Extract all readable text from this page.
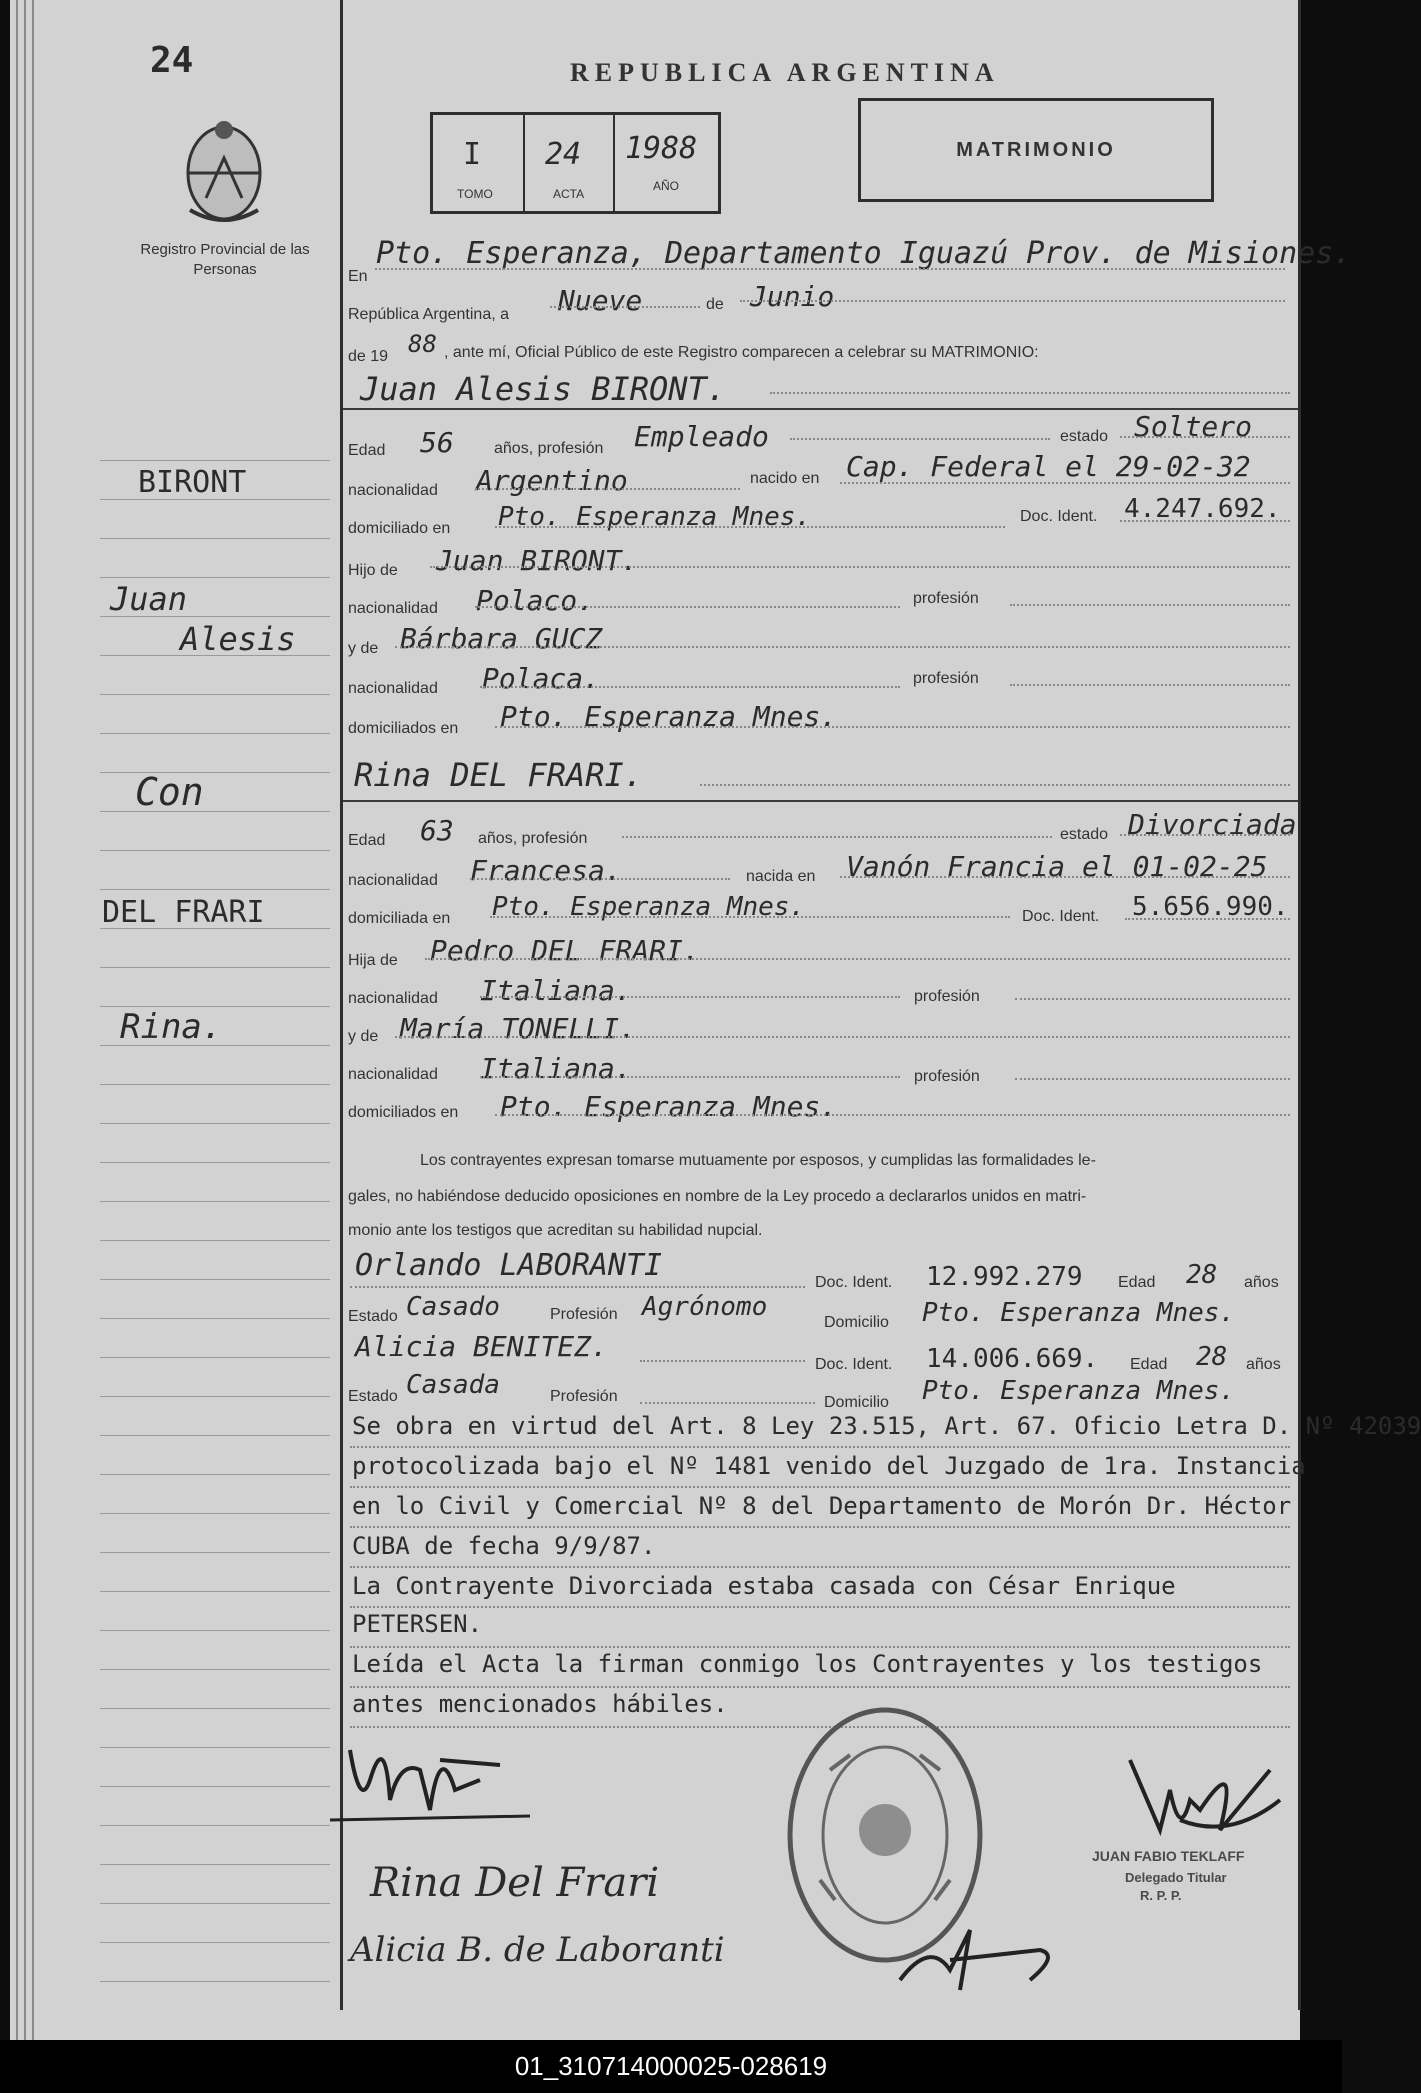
24
Registro Provincial de las Personas
BIRONT
Juan
Alesis
Con
DEL FRARI
Rina.
REPUBLICA ARGENTINA
I
TOMO
24
ACTA
1988
AÑO
MATRIMONIO
En
Pto. Esperanza, Departamento Iguazú Prov. de Misiones.
República Argentina, a Nueve	de Junio
de 19 88 , ante mí, Oficial Público de este Registro comparecen a celebrar su MATRIMONIO:
Juan Alesis BIRONT.
Edad 56	años, profesión Empleado	estado Soltero
nacionalidad Argentino	nacido en Cap. Federal el 29-02-32
domiciliado en Pto. Esperanza Mnes.	Doc. Ident. 4.247.692.
Hijo de Juan BIRONT.
nacionalidad Polaco.	profesión
y de Bárbara GUCZ
nacionalidad Polaca.	profesión
domiciliados en Pto. Esperanza Mnes.
Rina DEL FRARI.
Edad 63 años, profesión	estado Divorciada
nacionalidad Francesa.	nacida en Vanón Francia el 01-02-25
domiciliada en Pto. Esperanza Mnes.	Doc. Ident. 5.656.990.
Hija de Pedro DEL FRARI.
nacionalidad Italiana.	profesión
y de María TONELLI.
nacionalidad Italiana.	profesión
domiciliados en Pto. Esperanza Mnes.
Los contrayentes expresan tomarse mutuamente por esposos, y cumplidas las formalidades le-
gales, no habiéndose deducido oposiciones en nombre de la Ley procedo a declararlos unidos en matri-
monio ante los testigos que acreditan su habilidad nupcial.
Orlando LABORANTI	Doc. Ident. 12.992.279 Edad 28 años
Estado Casado	Profesión Agrónomo
Domicilio Pto. Esperanza Mnes.
Alicia BENITEZ.
Doc. Ident. 14.006.669. Edad 28 años
Estado Casada	Profesión	Domicilio Pto. Esperanza Mnes.
Se obra en virtud del Art. 8 Ley 23.515, Art. 67. Oficio Letra D. Nº 42039
protocolizada bajo el Nº 1481 venido del Juzgado de 1ra. Instancia
en lo Civil y Comercial Nº 8 del Departamento de Morón Dr. Héctor
CUBA de fecha 9/9/87.
La Contrayente Divorciada estaba casada con César Enrique
PETERSEN.
Leída el Acta la firman conmigo los Contrayentes y los testigos
antes mencionados hábiles.
Rina Del Frari
Alicia B. de Laboranti
JUAN FABIO TEKLAFF
Delegado Titular
R. P. P.
01_310714000025-028619
